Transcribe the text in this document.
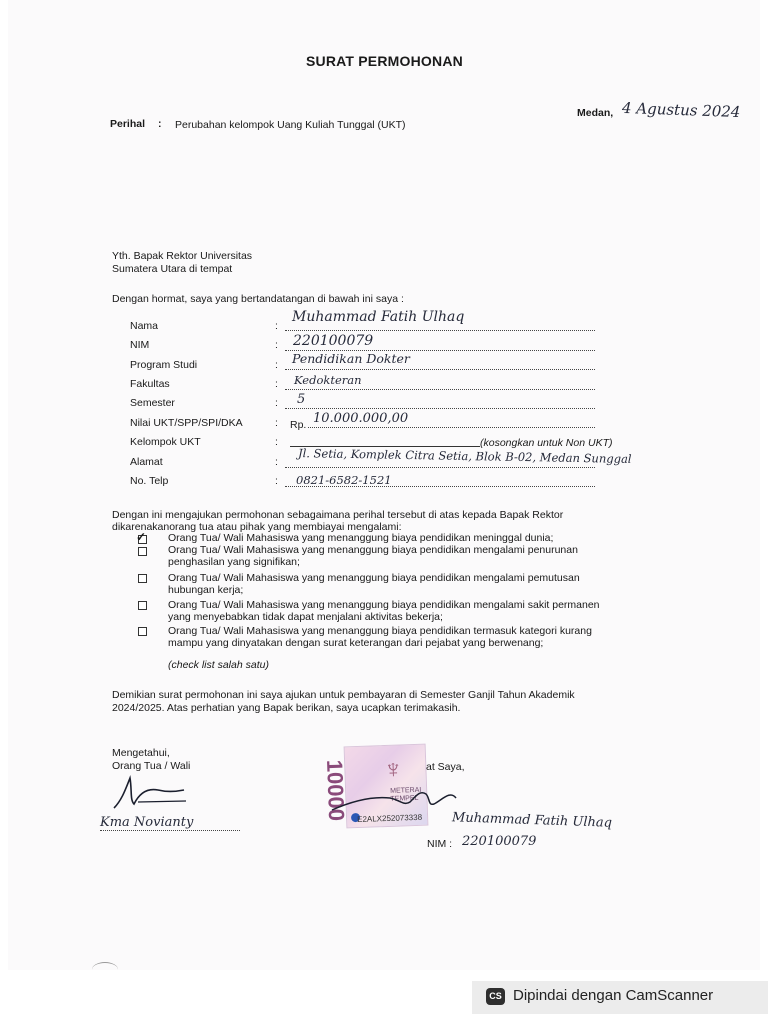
SURAT PERMOHONAN
Medan, 4 Agustus 2024
Perihal : Perubahan kelompok Uang Kuliah Tunggal (UKT)
Yth. Bapak Rektor Universitas
Sumatera Utara di tempat
Dengan hormat, saya yang bertandatangan di bawah ini saya :
Nama	:
Muhammad Fatih Ulhaq
NIM	: 220100079
Program Studi	: Pendidikan Dokter
Fakultas	: Kedokteran
Semester	: 5
Nilai UKT/SPP/SPI/DKA	: Rp. 10.000.000,00
Kelompok UKT	:	(kosongkan untuk Non UKT)
Alamat	: Jl. Setia, Komplek Citra Setia, Blok B-02, Medan Sunggal
No. Telp	: 0821-6582-1521
Dengan ini mengajukan permohonan sebagaimana perihal tersebut di atas kepada Bapak Rektor
dikarenakanorang tua atau pihak yang membiayai mengalami:
✓ Orang Tua/ Wali Mahasiswa yang menanggung biaya pendidikan meninggal dunia;
Orang Tua/ Wali Mahasiswa yang menanggung biaya pendidikan mengalami penurunan
penghasilan yang signifikan;
Orang Tua/ Wali Mahasiswa yang menanggung biaya pendidikan mengalami pemutusan
hubungan kerja;
Orang Tua/ Wali Mahasiswa yang menanggung biaya pendidikan mengalami sakit permanen
yang menyebabkan tidak dapat menjalani aktivitas bekerja;
Orang Tua/ Wali Mahasiswa yang menanggung biaya pendidikan termasuk kategori kurang
mampu yang dinyatakan dengan surat keterangan dari pejabat yang berwenang;
(check list salah satu)
Demikian surat permohonan ini saya ajukan untuk pembayaran di Semester Ganjil Tahun Akademik
2024/2025. Atas perhatian yang Bapak berikan, saya ucapkan terimakasih.
Mengetahui,
Orang Tua / Wali
Kma Novianty
10000 ♆
METERAI
TEMPEL
E2ALX252073338
at Saya,
Muhammad Fatih Ulhaq
NIM : 220100079
CS Dipindai dengan CamScanner
